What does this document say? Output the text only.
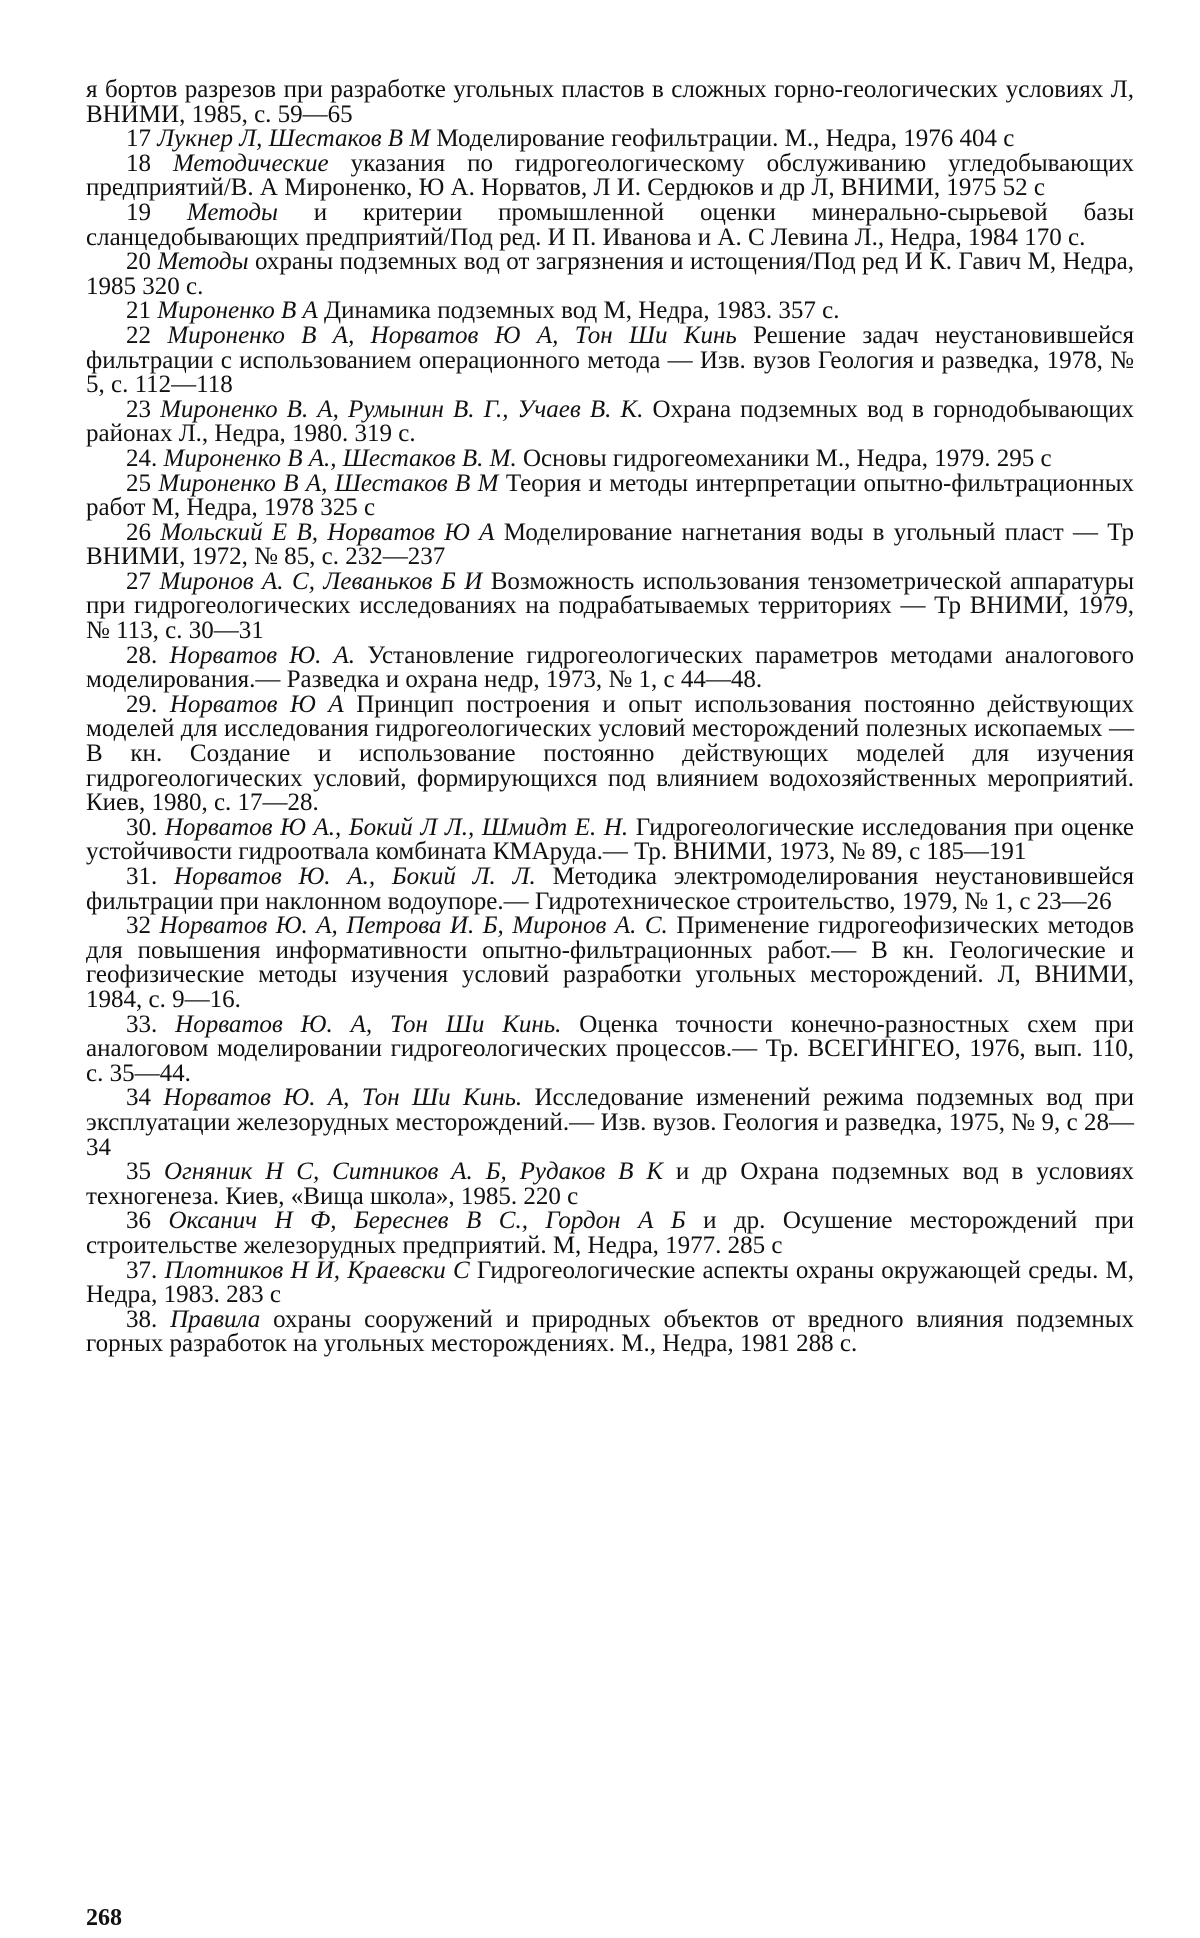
я бортов разрезов при разработке угольных пластов в сложных горно-геологических условиях Л, ВНИМИ, 1985, с. 59—65

17 Лукнер Л, Шестаков В М Моделирование геофильтрации. М., Недра, 1976 404 с

18 Методические указания по гидрогеологическому обслуживанию угледобывающих предприятий/В. А Мироненко, Ю А. Норватов, Л И. Сердюков и др Л, ВНИМИ, 1975 52 с

19 Методы и критерии промышленной оценки минерально-сырьевой базы сланцедобывающих предприятий/Под ред. И П. Иванова и А. С Левина Л., Недра, 1984 170 с.

20 Методы охраны подземных вод от загрязнения и истощения/Под ред И К. Гавич М, Недра, 1985 320 с.

21 Мироненко В А Динамика подземных вод М, Недра, 1983. 357 с.

22 Мироненко В А, Норватов Ю А, Тон Ши Кинь Решение задач неустановившейся фильтрации с использованием операционного метода — Изв. вузов Геология и разведка, 1978, № 5, с. 112—118

23 Мироненко В. А, Румынин В. Г., Учаев В. К. Охрана подземных вод в горнодобывающих районах Л., Недра, 1980. 319 с.

24. Мироненко В А., Шестаков В. М. Основы гидрогеомеханики М., Недра, 1979. 295 с

25 Мироненко В А, Шестаков В М Теория и методы интерпретации опытно-фильтрационных работ М, Недра, 1978 325 с

26 Мольский Е В, Норватов Ю А Моделирование нагнетания воды в угольный пласт — Тр ВНИМИ, 1972, № 85, с. 232—237

27 Миронов А. С, Леваньков Б И Возможность использования тензометрической аппаратуры при гидрогеологических исследованиях на подрабатываемых территориях — Тр ВНИМИ, 1979, № 113, с. 30—31

28. Норватов Ю. А. Установление гидрогеологических параметров методами аналогового моделирования.— Разведка и охрана недр, 1973, № 1, с 44—48.

29. Норватов Ю А Принцип построения и опыт использования постоянно действующих моделей для исследования гидрогеологических условий месторождений полезных ископаемых — В кн. Создание и использование постоянно действующих моделей для изучения гидрогеологических условий, формирующихся под влиянием водохозяйственных мероприятий. Киев, 1980, с. 17—28.

30. Норватов Ю А., Бокий Л Л., Шмидт Е. Н. Гидрогеологические исследования при оценке устойчивости гидроотвала комбината КМАруда.— Тр. ВНИМИ, 1973, № 89, с 185—191

31. Норватов Ю. А., Бокий Л. Л. Методика электромоделирования неустановившейся фильтрации при наклонном водоупоре.— Гидротехническое строительство, 1979, № 1, с 23—26

32 Норватов Ю. А, Петрова И. Б, Миронов А. С. Применение гидрогеофизических методов для повышения информативности опытно-фильтрационных работ.— В кн. Геологические и геофизические методы изучения условий разработки угольных месторождений. Л, ВНИМИ, 1984, с. 9—16.

33. Норватов Ю. А, Тон Ши Кинь. Оценка точности конечно-разностных схем при аналоговом моделировании гидрогеологических процессов.— Тр. ВСЕГИНГЕО, 1976, вып. 110, с. 35—44.

34 Норватов Ю. А, Тон Ши Кинь. Исследование изменений режима подземных вод при эксплуатации железорудных месторождений.— Изв. вузов. Геология и разведка, 1975, № 9, с 28—34

35 Огняник Н С, Ситников А. Б, Рудаков В К и др Охрана подземных вод в условиях техногенеза. Киев, «Вища школа», 1985. 220 с

36 Оксанич Н Ф, Береснев В С., Гордон А Б и др. Осушение месторождений при строительстве железорудных предприятий. М, Недра, 1977. 285 с

37. Плотников Н И, Краевски С Гидрогеологические аспекты охраны окружающей среды. М, Недра, 1983. 283 с

38. Правила охраны сооружений и природных объектов от вредного влияния подземных горных разработок на угольных месторождениях. М., Недра, 1981 288 с.

268
